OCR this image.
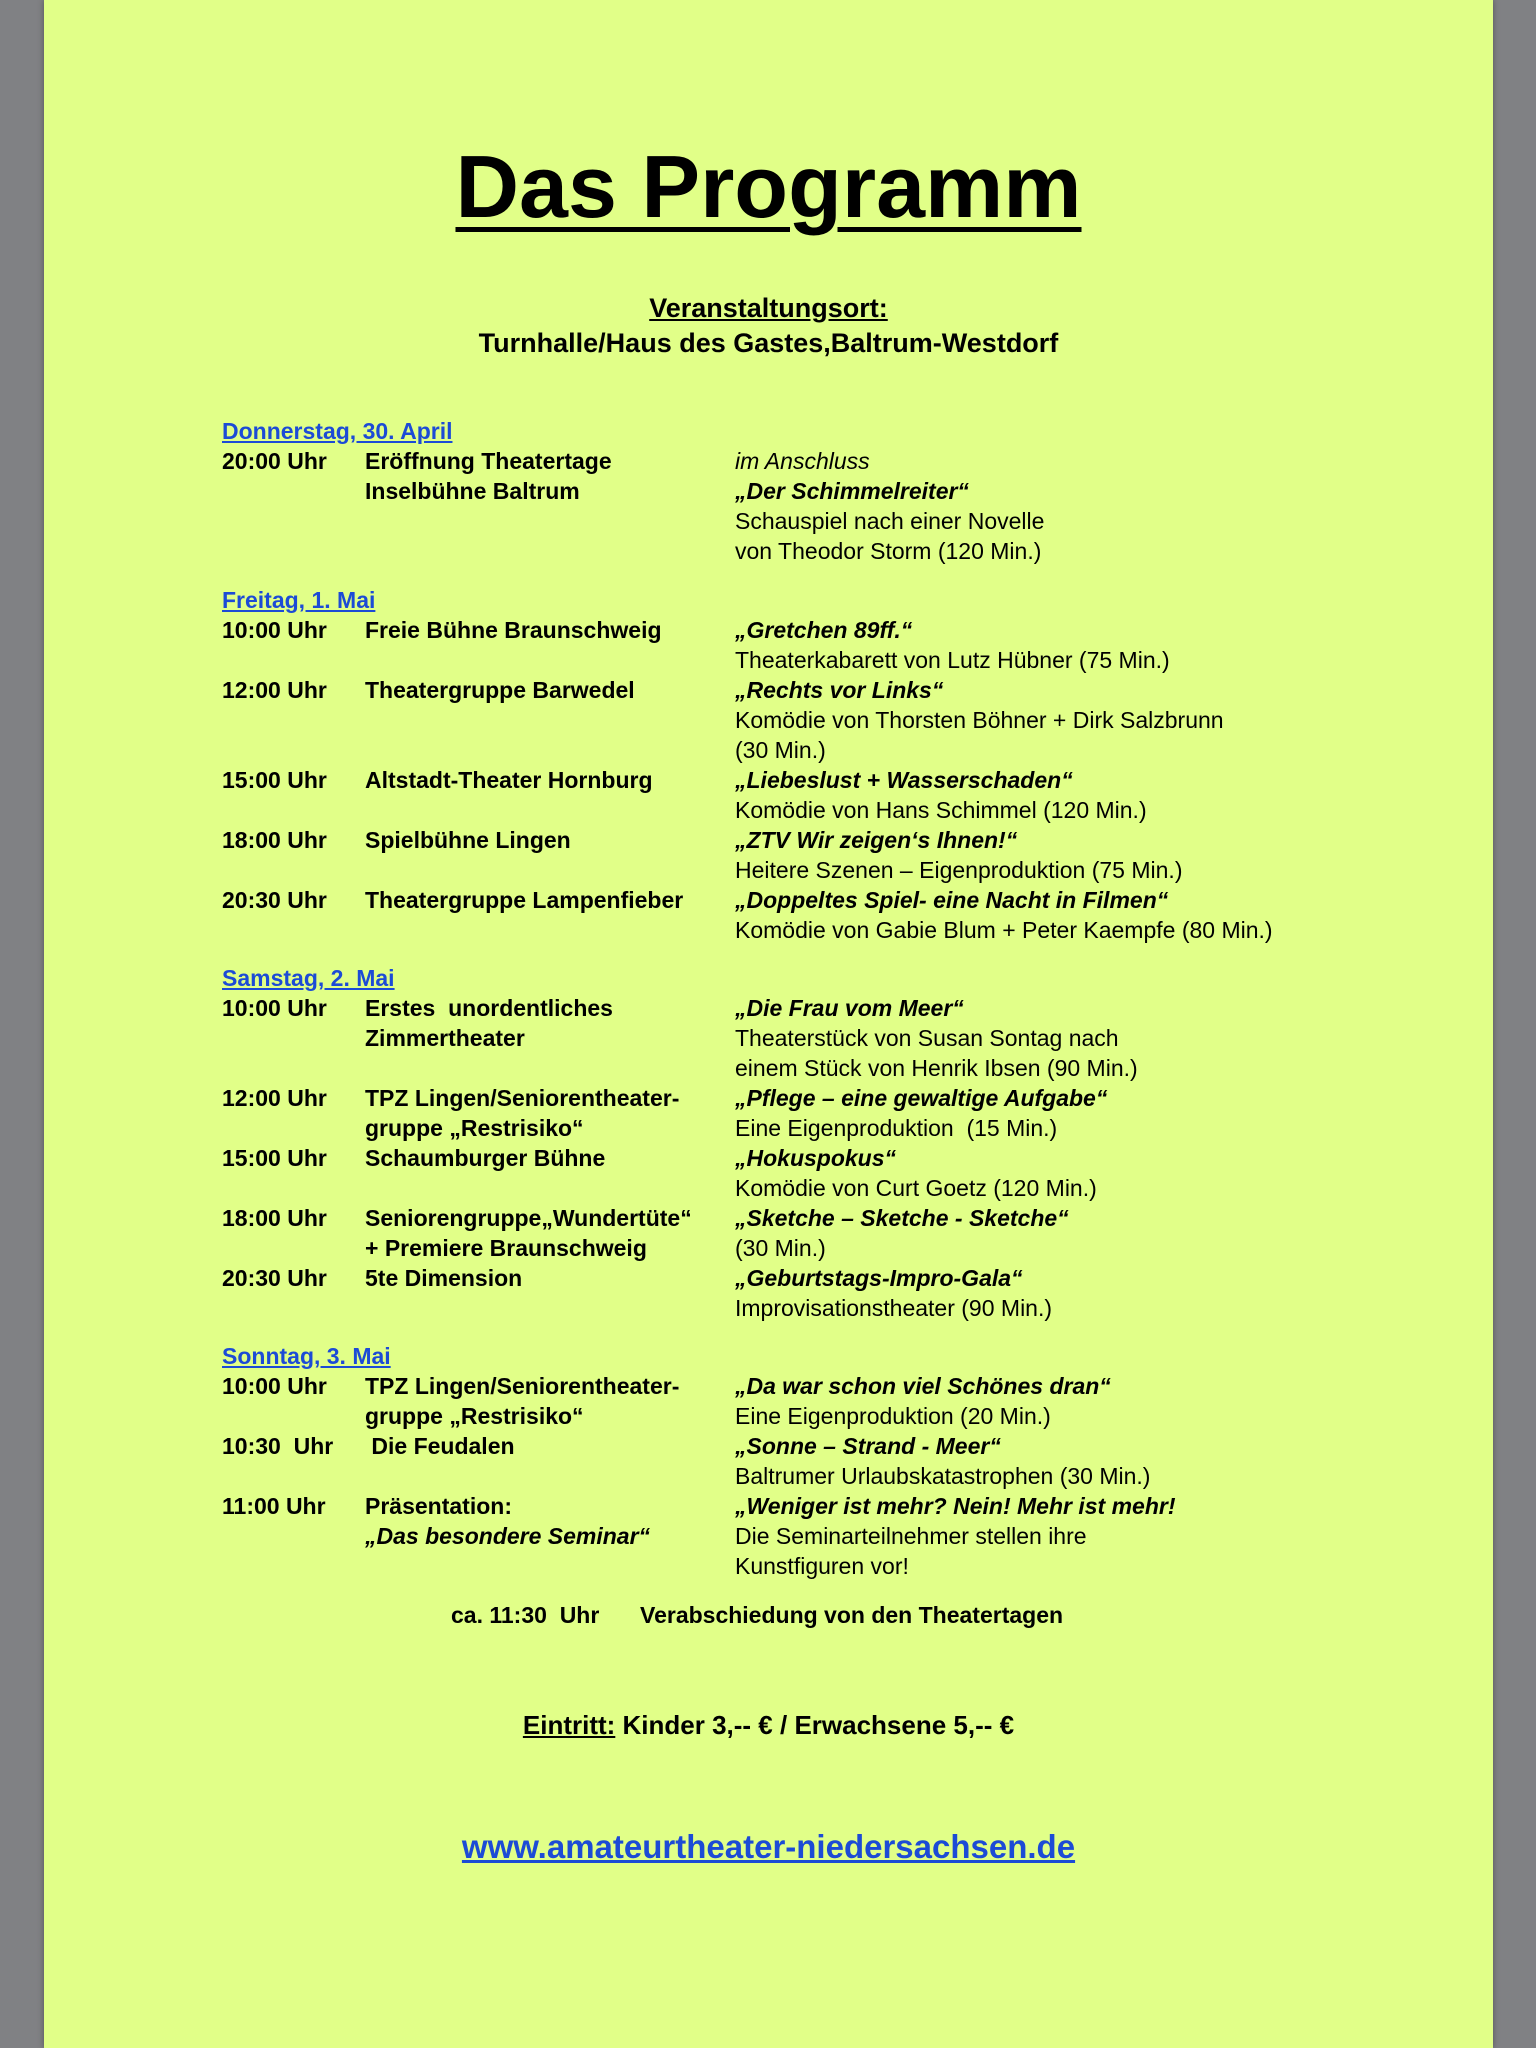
Das Programm
Veranstaltungsort:
Turnhalle/Haus des Gastes,Baltrum-Westdorf
Donnerstag, 30. April
20:00 Uhr Eröffnung Theatertage	im Anschluss
Inselbühne Baltrum	„Der Schimmelreiter“
Schauspiel nach einer Novelle
von Theodor Storm (120 Min.)
Freitag, 1. Mai
10:00 Uhr Freie Bühne Braunschweig	„Gretchen 89ff.“
Theaterkabarett von Lutz Hübner (75 Min.)
12:00 Uhr Theatergruppe Barwedel	„Rechts vor Links“
Komödie von Thorsten Böhner + Dirk Salzbrunn
(30 Min.)
15:00 Uhr Altstadt-Theater Hornburg	„Liebeslust + Wasserschaden“
Komödie von Hans Schimmel (120 Min.)
18:00 Uhr Spielbühne Lingen	„ZTV Wir zeigen‘s Ihnen!“
Heitere Szenen – Eigenproduktion (75 Min.)
20:30 Uhr Theatergruppe Lampenfieber „Doppeltes Spiel- eine Nacht in Filmen“
Komödie von Gabie Blum + Peter Kaempfe (80 Min.)
Samstag, 2. Mai
10:00 Uhr Erstes  unordentliches	„Die Frau vom Meer“
Zimmertheater	Theaterstück von Susan Sontag nach
einem Stück von Henrik Ibsen (90 Min.)
12:00 Uhr TPZ Lingen/Seniorentheater- „Pflege – eine gewaltige Aufgabe“
gruppe „Restrisiko“	Eine Eigenproduktion  (15 Min.)
15:00 Uhr Schaumburger Bühne	„Hokuspokus“
Komödie von Curt Goetz (120 Min.)
18:00 Uhr Seniorengruppe„Wundertüte“ „Sketche – Sketche - Sketche“
+ Premiere Braunschweig	(30 Min.)
20:30 Uhr 5te Dimension	„Geburtstags-Impro-Gala“
Improvisationstheater (90 Min.)
Sonntag, 3. Mai
10:00 Uhr TPZ Lingen/Seniorentheater- „Da war schon viel Schönes dran“
gruppe „Restrisiko“	Eine Eigenproduktion (20 Min.)
10:30  Uhr Die Feudalen	„Sonne – Strand - Meer“
Baltrumer Urlaubskatastrophen (30 Min.)
11:00 Uhr Präsentation:	„Weniger ist mehr? Nein! Mehr ist mehr!
„Das besondere Seminar“	Die Seminarteilnehmer stellen ihre
Kunstfiguren vor!
ca. 11:30  Uhr Verabschiedung von den Theatertagen
Eintritt: Kinder 3,-- € / Erwachsene 5,-- €
www.amateurtheater-niedersachsen.de
